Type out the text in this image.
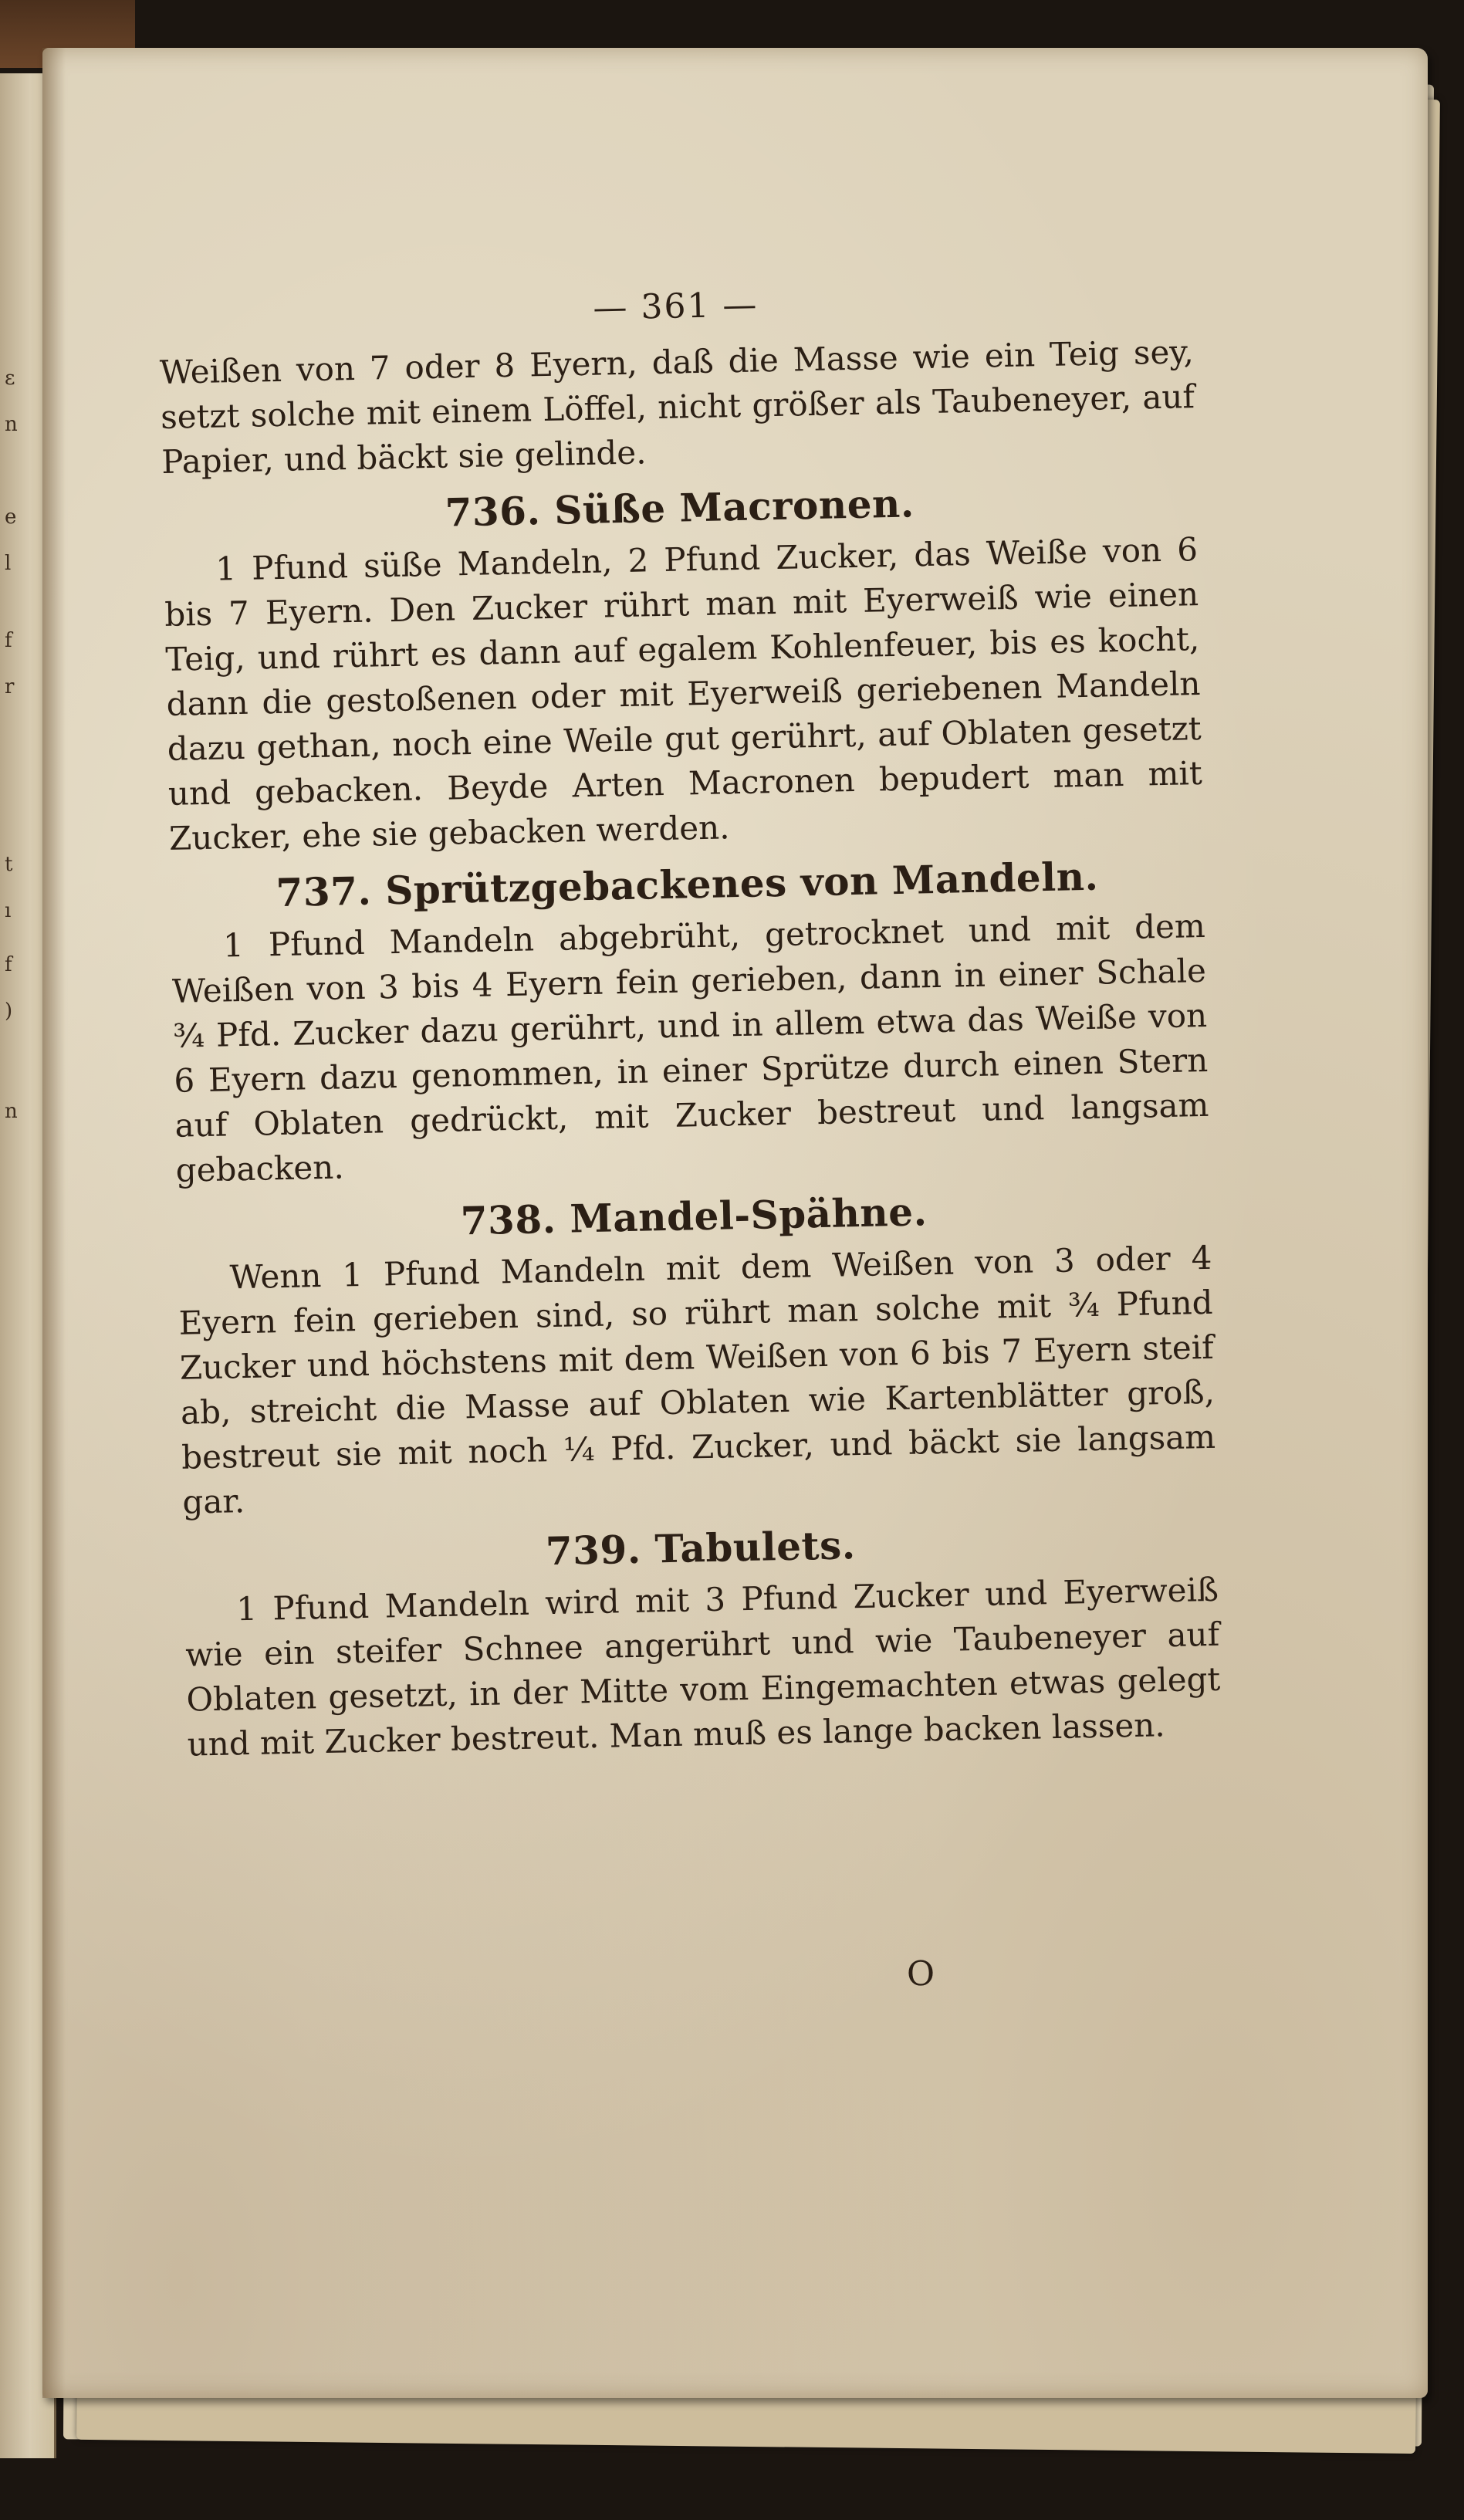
ɛ
n
e
l
f
r
t
ı
f
)
n
— 361 —
Weißen von 7 oder 8 Eyern, daß die Masse wie ein Teig sey, setzt solche mit einem Löffel, nicht größer als Taubeneyer, auf Papier, und bäckt sie gelinde.
736. Süße Macronen.
1 Pfund süße Mandeln, 2 Pfund Zucker, das Weiße von 6 bis 7 Eyern. Den Zucker rührt man mit Eyerweiß wie einen Teig, und rührt es dann auf egalem Kohlenfeuer, bis es kocht, dann die gestoßenen oder mit Eyerweiß geriebenen Mandeln dazu gethan, noch eine Weile gut gerührt, auf Oblaten gesetzt und gebacken. Beyde Arten Macronen bepudert man mit Zucker, ehe sie gebacken werden.
737. Sprützgebackenes von Mandeln.
1 Pfund Mandeln abgebrüht, getrocknet und mit dem Weißen von 3 bis 4 Eyern fein gerieben, dann in einer Schale ¾ Pfd. Zucker dazu gerührt, und in allem etwa das Weiße von 6 Eyern dazu genommen, in einer Sprütze durch einen Stern auf Oblaten gedrückt, mit Zucker bestreut und langsam gebacken.
738. Mandel-Spähne.
Wenn 1 Pfund Mandeln mit dem Weißen von 3 oder 4 Eyern fein gerieben sind, so rührt man solche mit ¾ Pfund Zucker und höchstens mit dem Weißen von 6 bis 7 Eyern steif ab, streicht die Masse auf Oblaten wie Kartenblätter groß, bestreut sie mit noch ¼ Pfd. Zucker, und bäckt sie langsam gar.
739. Tabulets.
1 Pfund Mandeln wird mit 3 Pfund Zucker und Eyerweiß wie ein steifer Schnee angerührt und wie Taubeneyer auf Oblaten gesetzt, in der Mitte vom Eingemachten etwas gelegt und mit Zucker bestreut. Man muß es lange backen lassen.
O
